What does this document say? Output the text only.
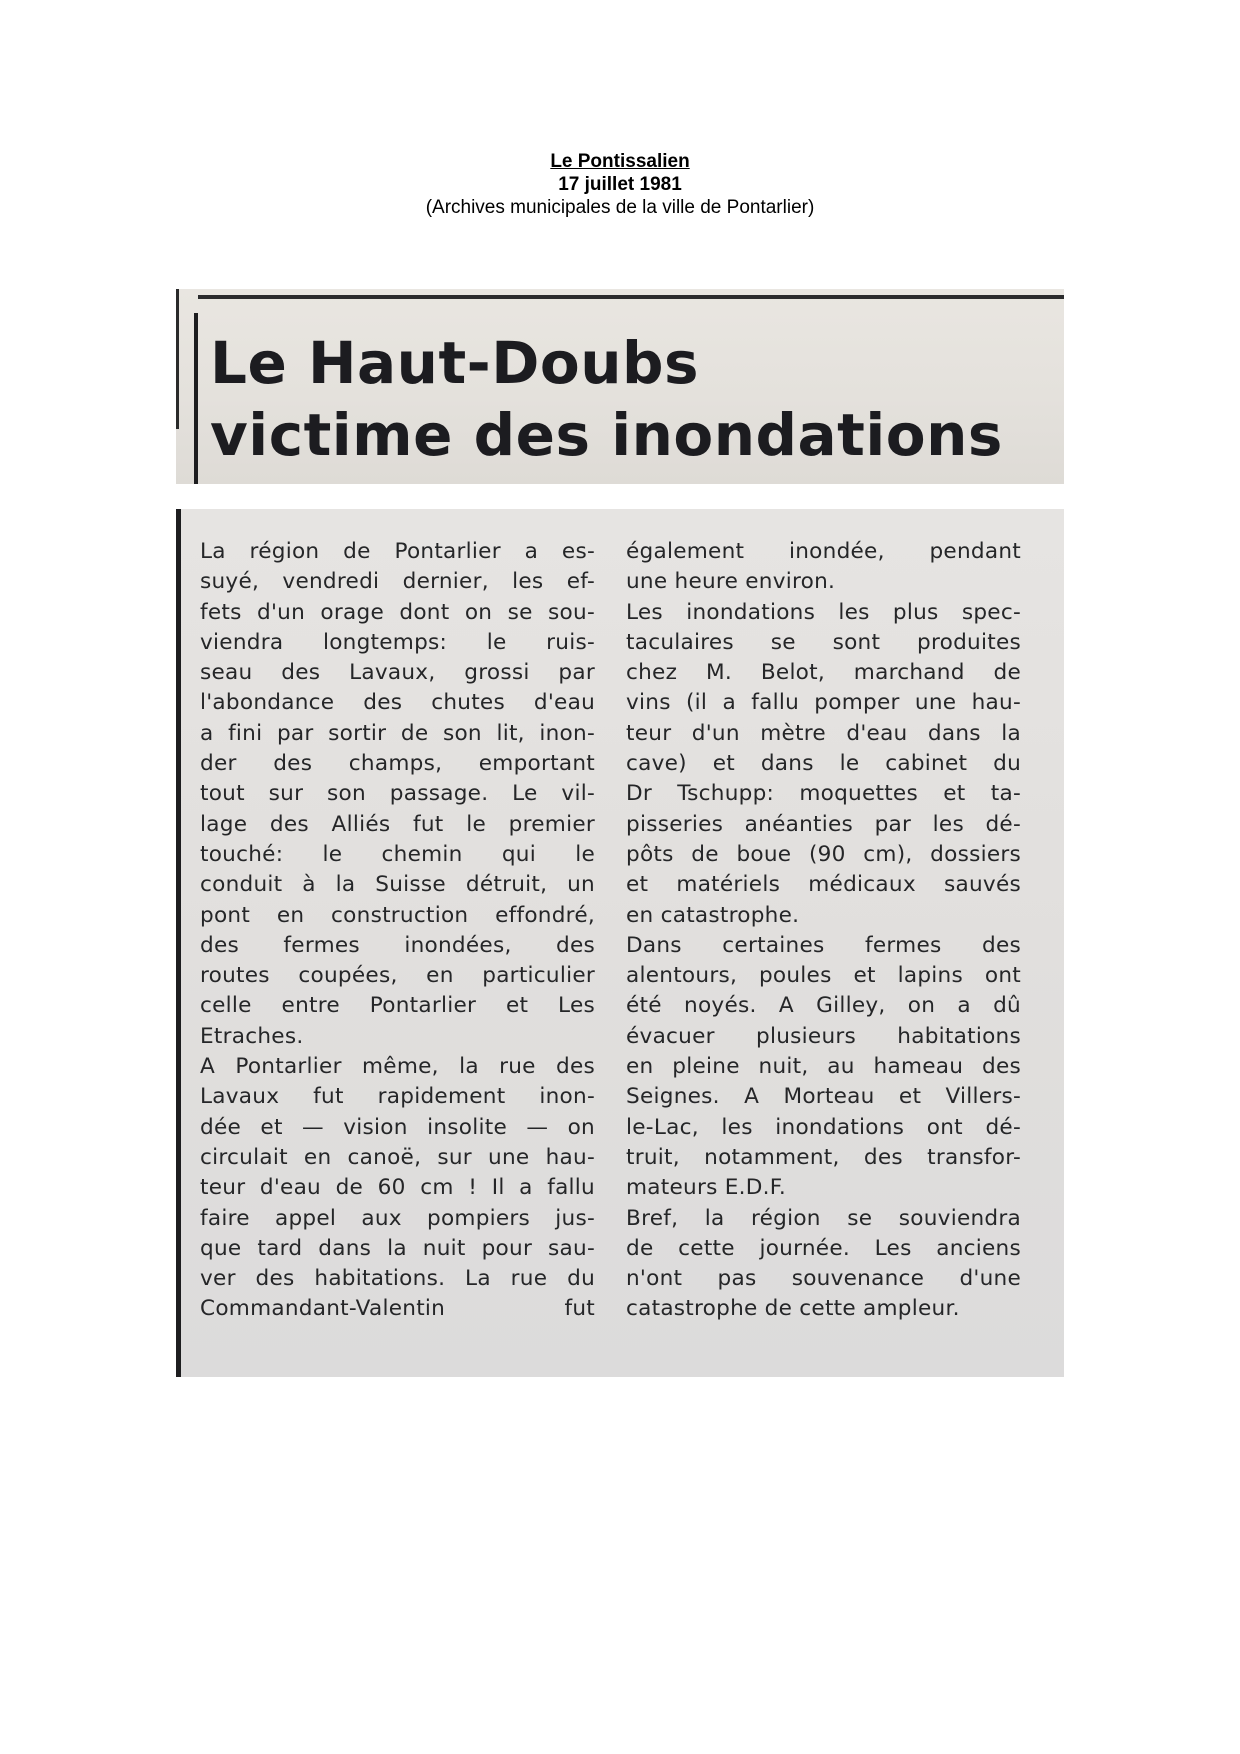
Le Pontissalien
17 juillet 1981
(Archives municipales de la ville de Pontarlier)
Le Haut-Doubs
victime des inondations
La région de Pontarlier a es-
suyé, vendredi dernier, les ef-
fets d'un orage dont on se sou-
viendra longtemps: le ruis-
seau des Lavaux, grossi par
l'abondance des chutes d'eau
a fini par sortir de son lit, inon-
der des champs, emportant
tout sur son passage. Le vil-
lage des Alliés fut le premier
touché: le chemin qui le
conduit à la Suisse détruit, un
pont en construction effondré,
des fermes inondées, des
routes coupées, en particulier
celle entre Pontarlier et Les
Etraches.
A Pontarlier même, la rue des
Lavaux fut rapidement inon-
dée et — vision insolite — on
circulait en canoë, sur une hau-
teur d'eau de 60 cm ! Il a fallu
faire appel aux pompiers jus-
que tard dans la nuit pour sau-
ver des habitations. La rue du
Commandant-Valentin fut
également inondée, pendant
une heure environ.
Les inondations les plus spec-
taculaires se sont produites
chez M. Belot, marchand de
vins (il a fallu pomper une hau-
teur d'un mètre d'eau dans la
cave) et dans le cabinet du
Dr Tschupp: moquettes et ta-
pisseries anéanties par les dé-
pôts de boue (90 cm), dossiers
et matériels médicaux sauvés
en catastrophe.
Dans certaines fermes des
alentours, poules et lapins ont
été noyés. A Gilley, on a dû
évacuer plusieurs habitations
en pleine nuit, au hameau des
Seignes. A Morteau et Villers-
le-Lac, les inondations ont dé-
truit, notamment, des transfor-
mateurs E.D.F.
Bref, la région se souviendra
de cette journée. Les anciens
n'ont pas souvenance d'une
catastrophe de cette ampleur.
